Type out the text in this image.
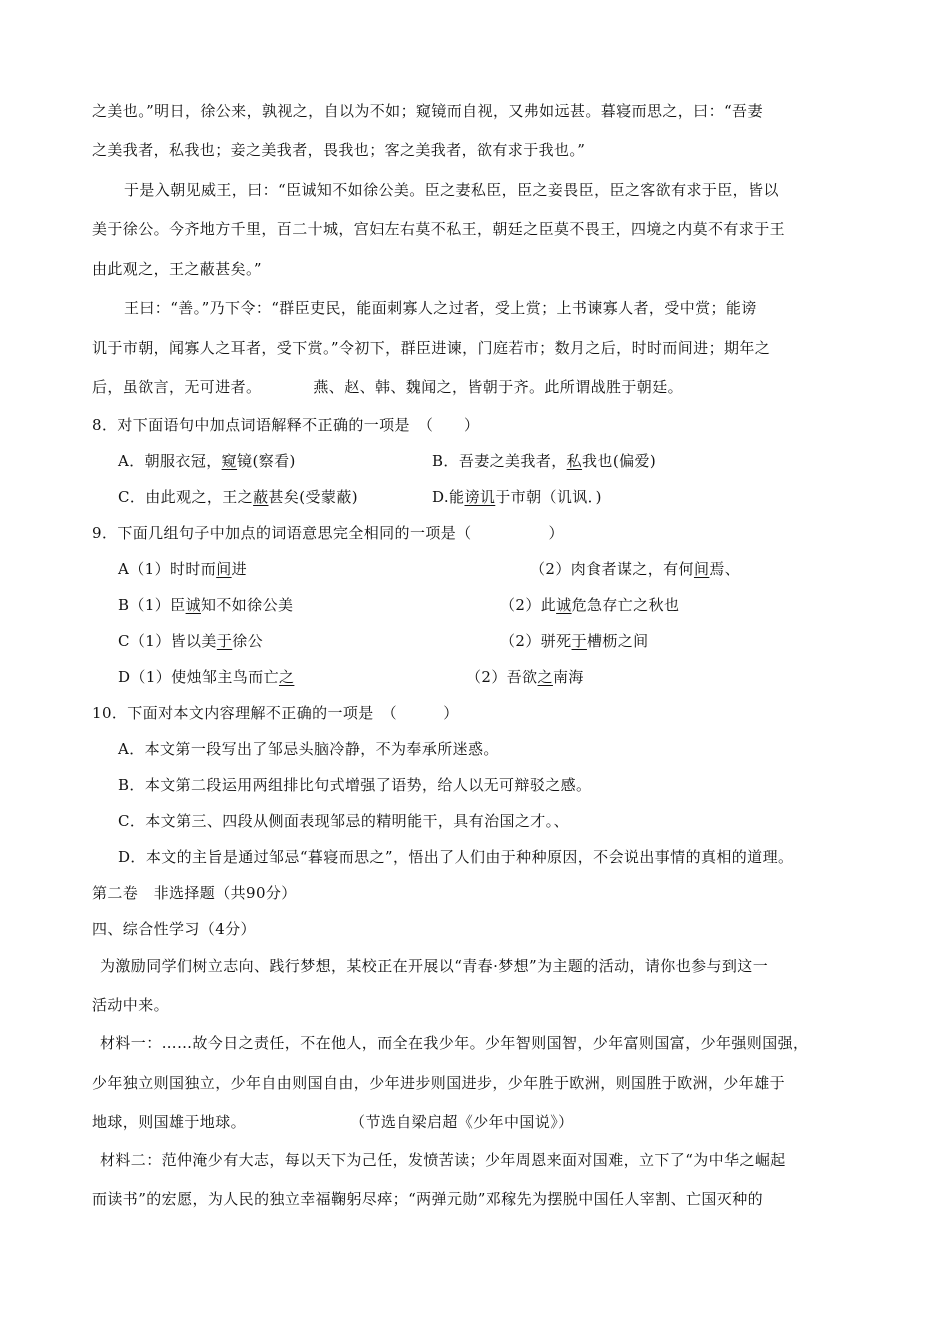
之美也。”明日，徐公来，孰视之，自以为不如；窥镜而自视，又弗如远甚。暮寝而思之，曰：“吾妻
之美我者，私我也；妾之美我者，畏我也；客之美我者，欲有求于我也。”
于是入朝见威王，曰：“臣诚知不如徐公美。臣之妻私臣，臣之妾畏臣，臣之客欲有求于臣，皆以
美于徐公。今齐地方千里，百二十城，宫妇左右莫不私王，朝廷之臣莫不畏王，四境之内莫不有求于王
由此观之，王之蔽甚矣。”
王曰：“善。”乃下令：“群臣吏民，能面刺寡人之过者，受上赏；上书谏寡人者，受中赏；能谤
讥于市朝，闻寡人之耳者，受下赏。”令初下，群臣进谏，门庭若市；数月之后，时时而间进；期年之
后，虽欲言，无可进者。	燕、赵、韩、魏闻之，皆朝于齐。此所谓战胜于朝廷。
8．对下面语句中加点词语解释不正确的一项是　（　　）
A．朝服衣冠，窥镜(察看)	B．吾妻之美我者，私我也(偏爱)
C．由此观之，王之蔽甚矣(受蒙蔽)	D.能谤讥于市朝（讥讽．)
9．下面几组句子中加点的词语意思完全相同的一项是（　　　　　）
A（1）时时而间进	（2）肉食者谋之，有何间焉、
B（1）臣诚知不如徐公美	（2）此诚危急存亡之秋也
C（1）皆以美于徐公	（2）骈死于槽枥之间
D（1）使烛邹主鸟而亡之	（2）吾欲之南海
10．下面对本文内容理解不正确的一项是　（　　　）
A．本文第一段写出了邹忌头脑冷静，不为奉承所迷惑。
B．本文第二段运用两组排比句式增强了语势，给人以无可辩驳之感。
C．本文第三、四段从侧面表现邹忌的精明能干，具有治国之才。、
D．本文的主旨是通过邹忌“暮寝而思之”，悟出了人们由于种种原因，不会说出事情的真相的道理。
第二卷　非选择题（共90分）
四、综合性学习（4分）
为激励同学们树立志向、践行梦想，某校正在开展以“青春·梦想”为主题的活动，请你也参与到这一
活动中来。
材料一：……故今日之责任，不在他人，而全在我少年。少年智则国智，少年富则国富，少年强则国强，
少年独立则国独立，少年自由则国自由，少年进步则国进步，少年胜于欧洲，则国胜于欧洲，少年雄于
地球，则国雄于地球。	（节选自梁启超《少年中国说》）
材料二：范仲淹少有大志，每以天下为己任，发愤苦读；少年周恩来面对国难，立下了“为中华之崛起
而读书”的宏愿，为人民的独立幸福鞠躬尽瘁；“两弹元勋”邓稼先为摆脱中国任人宰割、亡国灭种的
